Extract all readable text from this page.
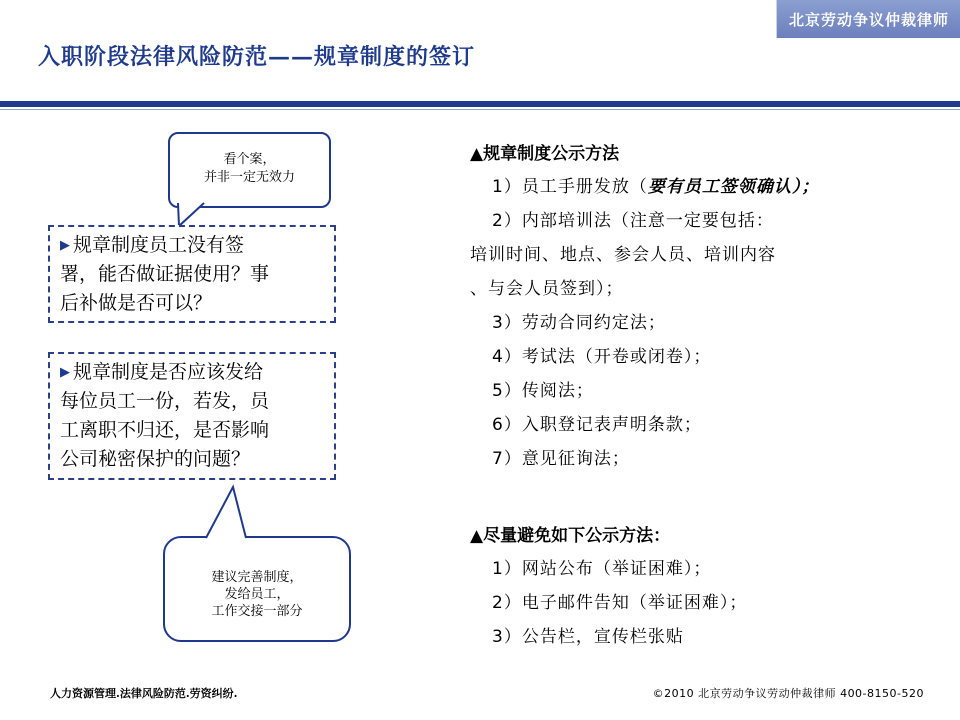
北京劳动争议仲裁律师
入职阶段法律风险防范——规章制度的签订
看个案，
并非一定无效力
▶ 规章制度员工没有签
署，能否做证据使用？事
后补做是否可以？
▶ 规章制度是否应该发给
每位员工一份，若发，员
工离职不归还，是否影响
公司秘密保护的问题？
建议完善制度，
发给员工，
工作交接一部分
▲规章制度公示方法
1）员工手册发放（要有员工签领确认）；
2）内部培训法（注意一定要包括：
培训时间、地点、参会人员、培训内容
、与会人员签到）；
3）劳动合同约定法；
4）考试法（开卷或闭卷）；
5）传阅法；
6）入职登记表声明条款；
7）意见征询法；
▲尽量避免如下公示方法：
1）网站公布（举证困难）；
2）电子邮件告知（举证困难）；
3）公告栏，宣传栏张贴
人力资源管理.法律风险防范.劳资纠纷.	©2010 北京劳动争议劳动仲裁律师 400-8150-520
